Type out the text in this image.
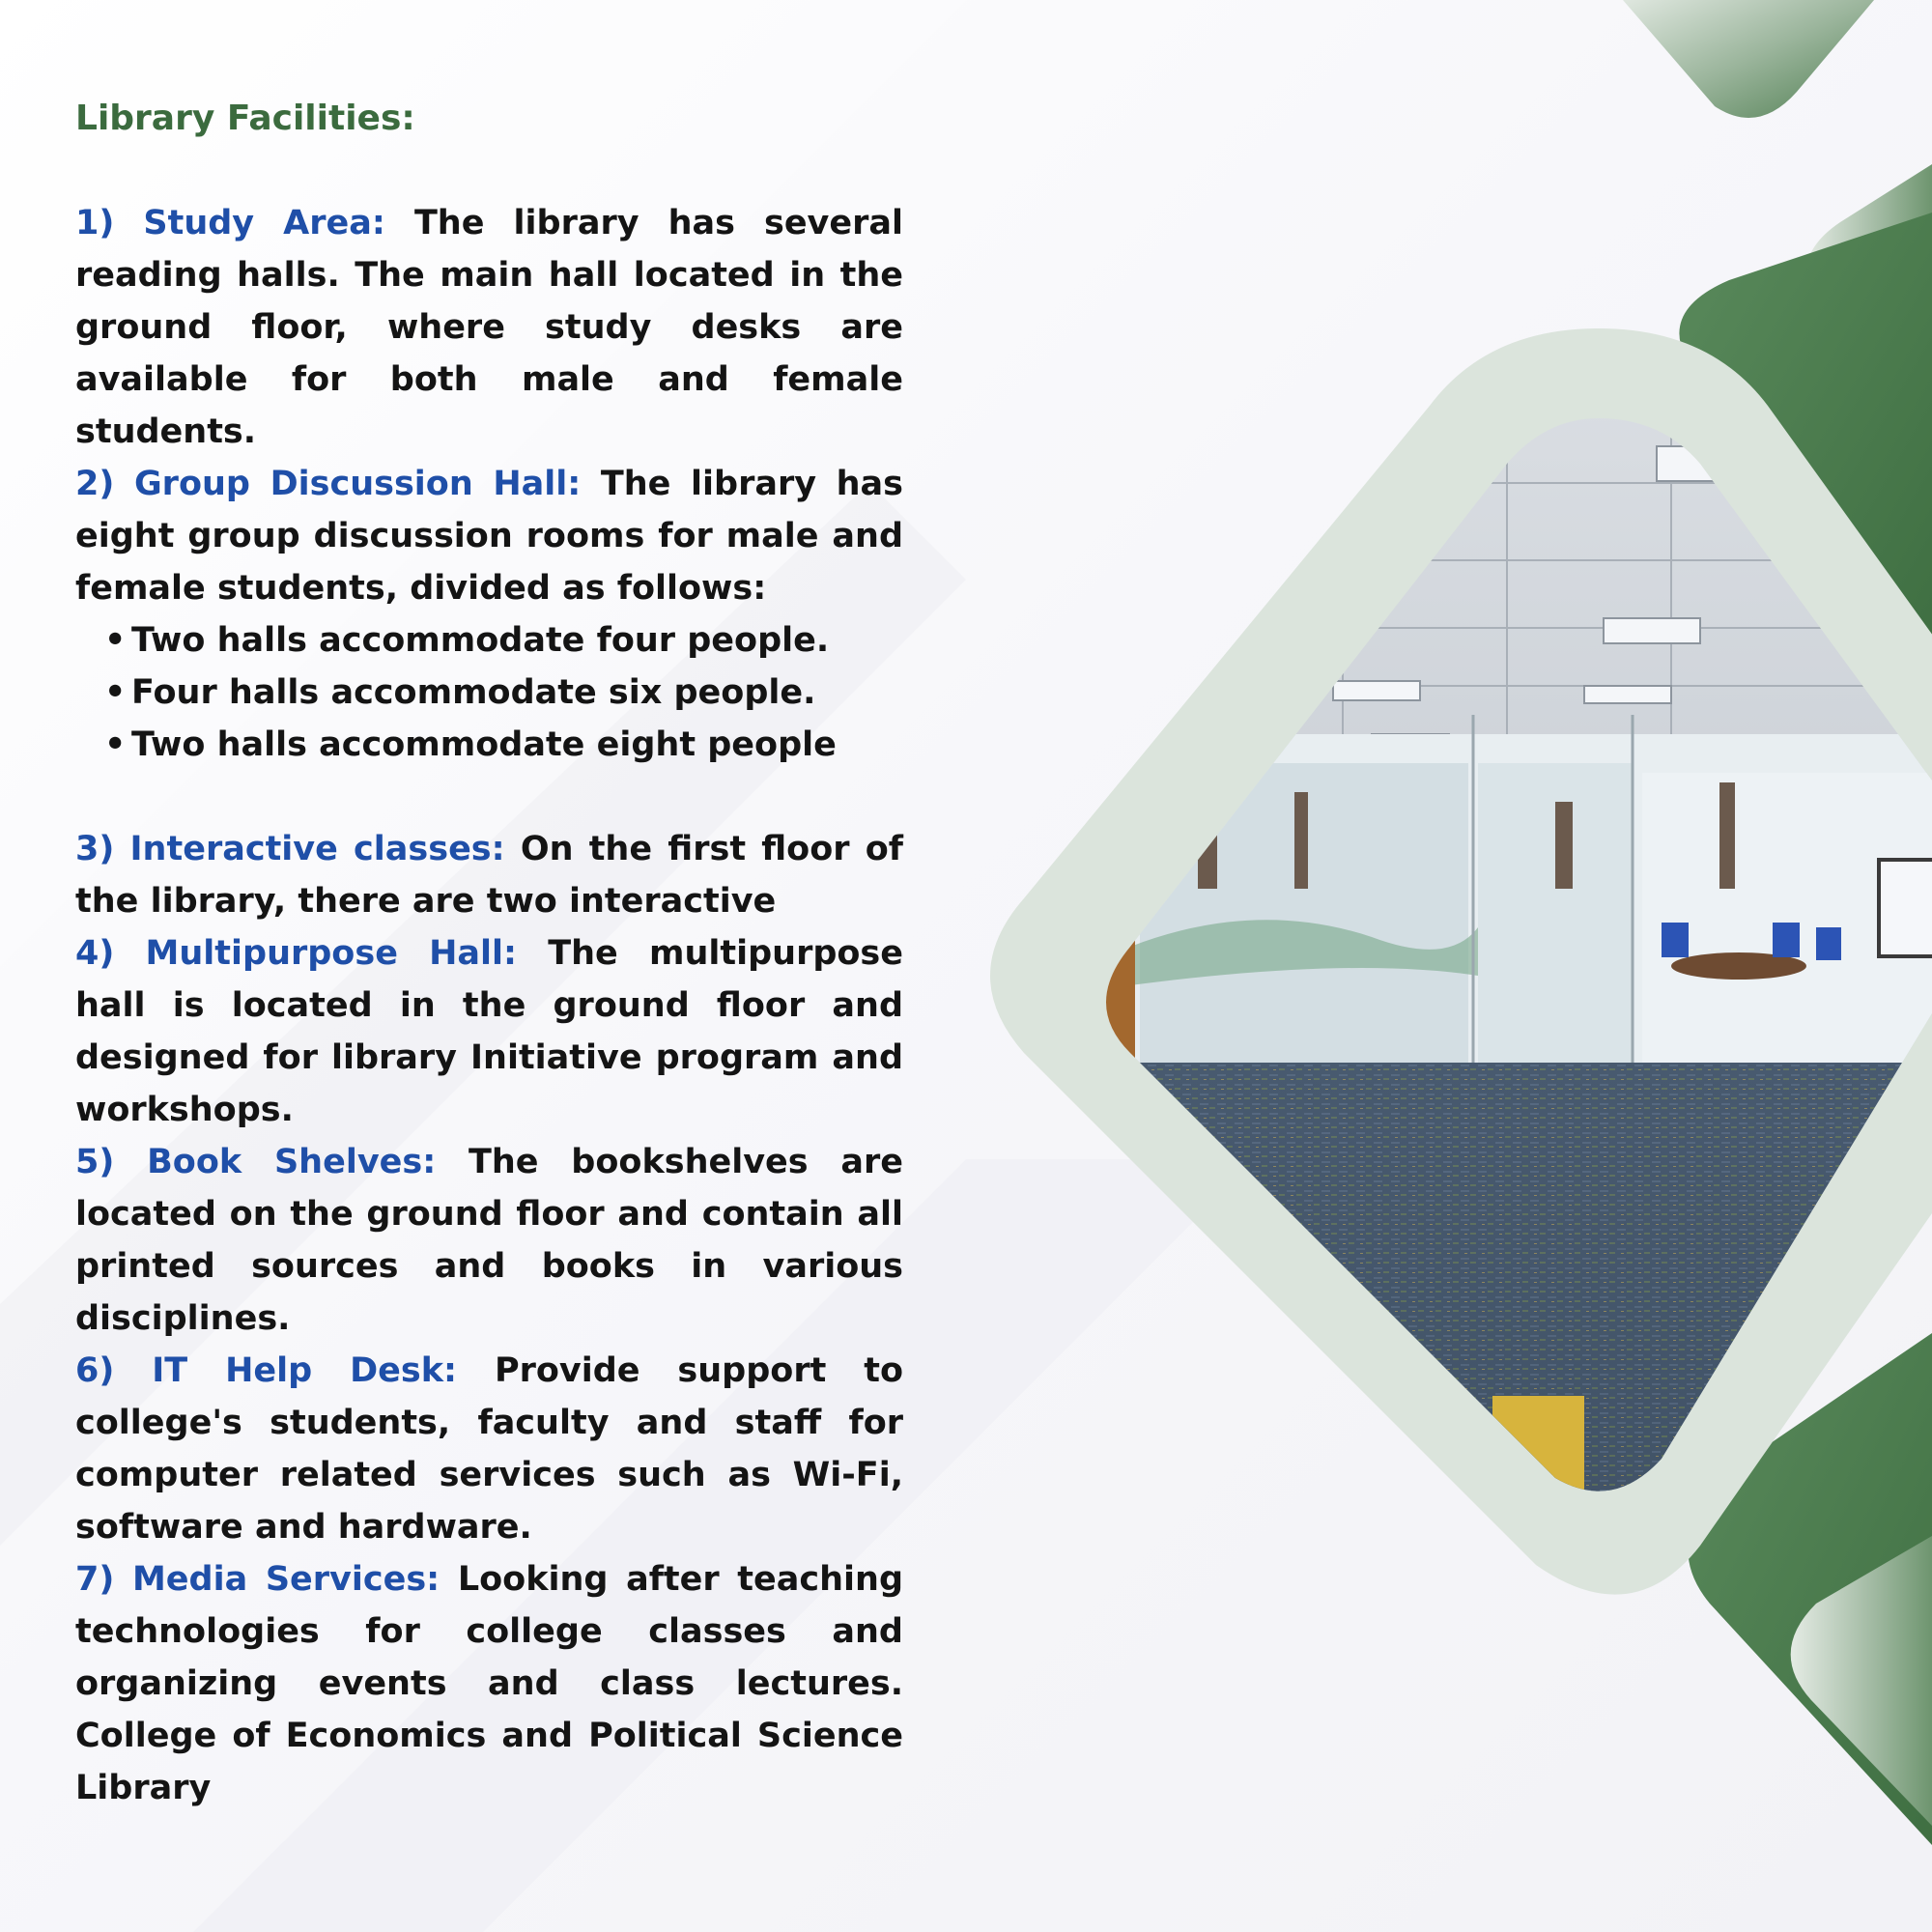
Library Facilities:

1) Study Area: The library has several reading halls. The main hall located in the ground floor, where study desks are available for both male and female students.

2) Group Discussion Hall: The library has eight group discussion rooms for male and female students, divided as follows:

• Two halls accommodate four people.
• Four halls accommodate six people.
• Two halls accommodate eight people

3) Interactive classes: On the first floor of the library, there are two interactive

4) Multipurpose Hall: The multipurpose hall is located in the ground floor and designed for library Initiative program and workshops.

5) Book Shelves: The bookshelves are located on the ground floor and contain all printed sources and books in various disciplines.

6) IT Help Desk: Provide support to college's students, faculty and staff for computer related services such as Wi-Fi, software and hardware.

7) Media Services: Looking after teaching technologies for college classes and organizing events and class lectures. College of Economics and Political Science Library
